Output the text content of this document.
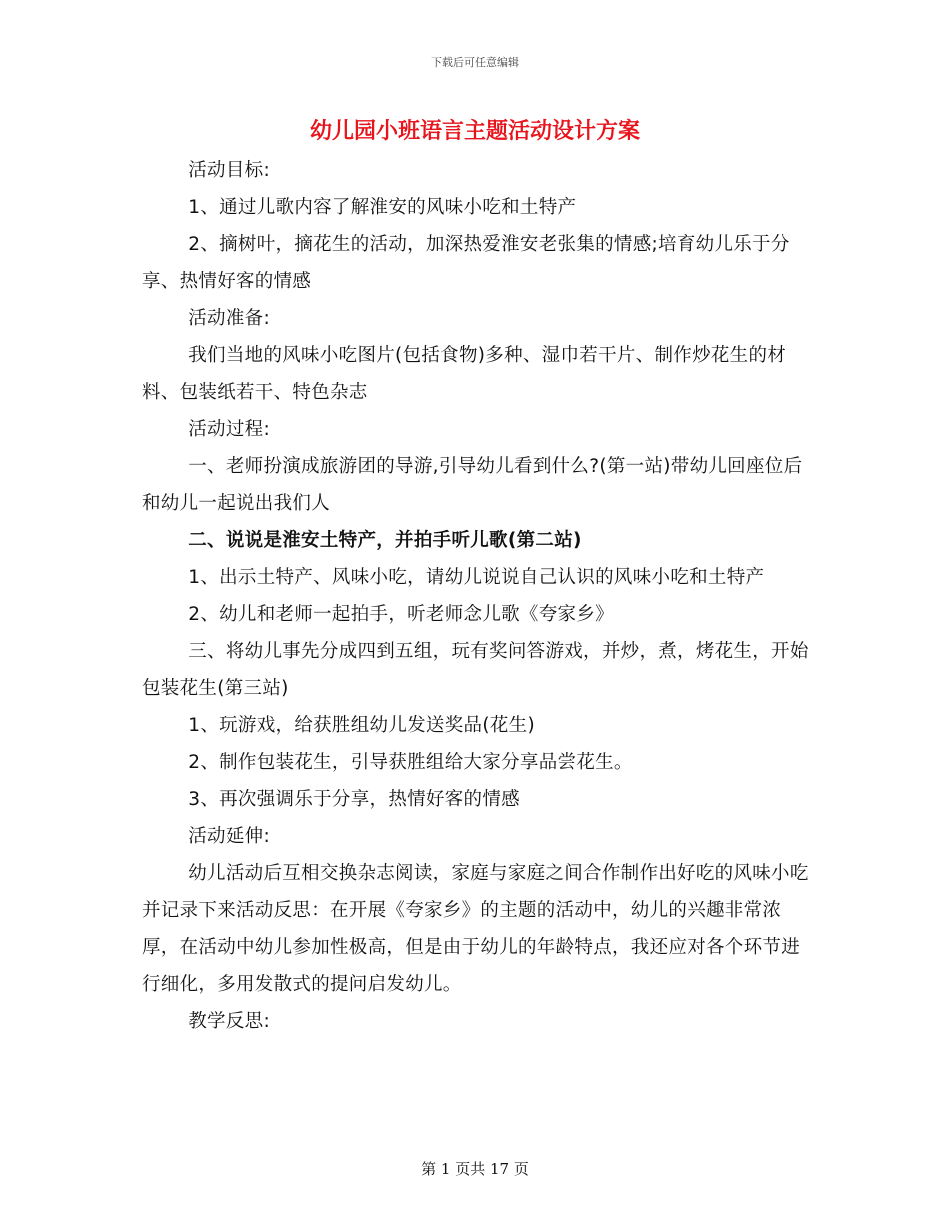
下载后可任意编辑
幼儿园小班语言主题活动设计方案

活动目标:

1、通过儿歌内容了解淮安的风味小吃和土特产

2、摘树叶，摘花生的活动，加深热爱淮安老张集的情感;培育幼儿乐于分享、热情好客的情感

活动准备:

我们当地的风味小吃图片(包括食物)多种、湿巾若干片、制作炒花生的材料、包装纸若干、特色杂志

活动过程:

一、老师扮演成旅游团的导游,引导幼儿看到什么?(第一站)带幼儿回座位后和幼儿一起说出我们人

二、说说是淮安土特产，并拍手听儿歌(第二站)

1、出示土特产、风味小吃，请幼儿说说自己认识的风味小吃和土特产

2、幼儿和老师一起拍手，听老师念儿歌《夸家乡》

三、将幼儿事先分成四到五组，玩有奖问答游戏，并炒，煮，烤花生，开始包装花生(第三站)

1、玩游戏，给获胜组幼儿发送奖品(花生)

2、制作包装花生，引导获胜组给大家分享品尝花生。

3、再次强调乐于分享，热情好客的情感

活动延伸:

幼儿活动后互相交换杂志阅读，家庭与家庭之间合作制作出好吃的风味小吃并记录下来活动反思：在开展《夸家乡》的主题的活动中，幼儿的兴趣非常浓厚，在活动中幼儿参加性极高，但是由于幼儿的年龄特点，我还应对各个环节进行细化，多用发散式的提问启发幼儿。

教学反思:

第 1 页共 17 页
